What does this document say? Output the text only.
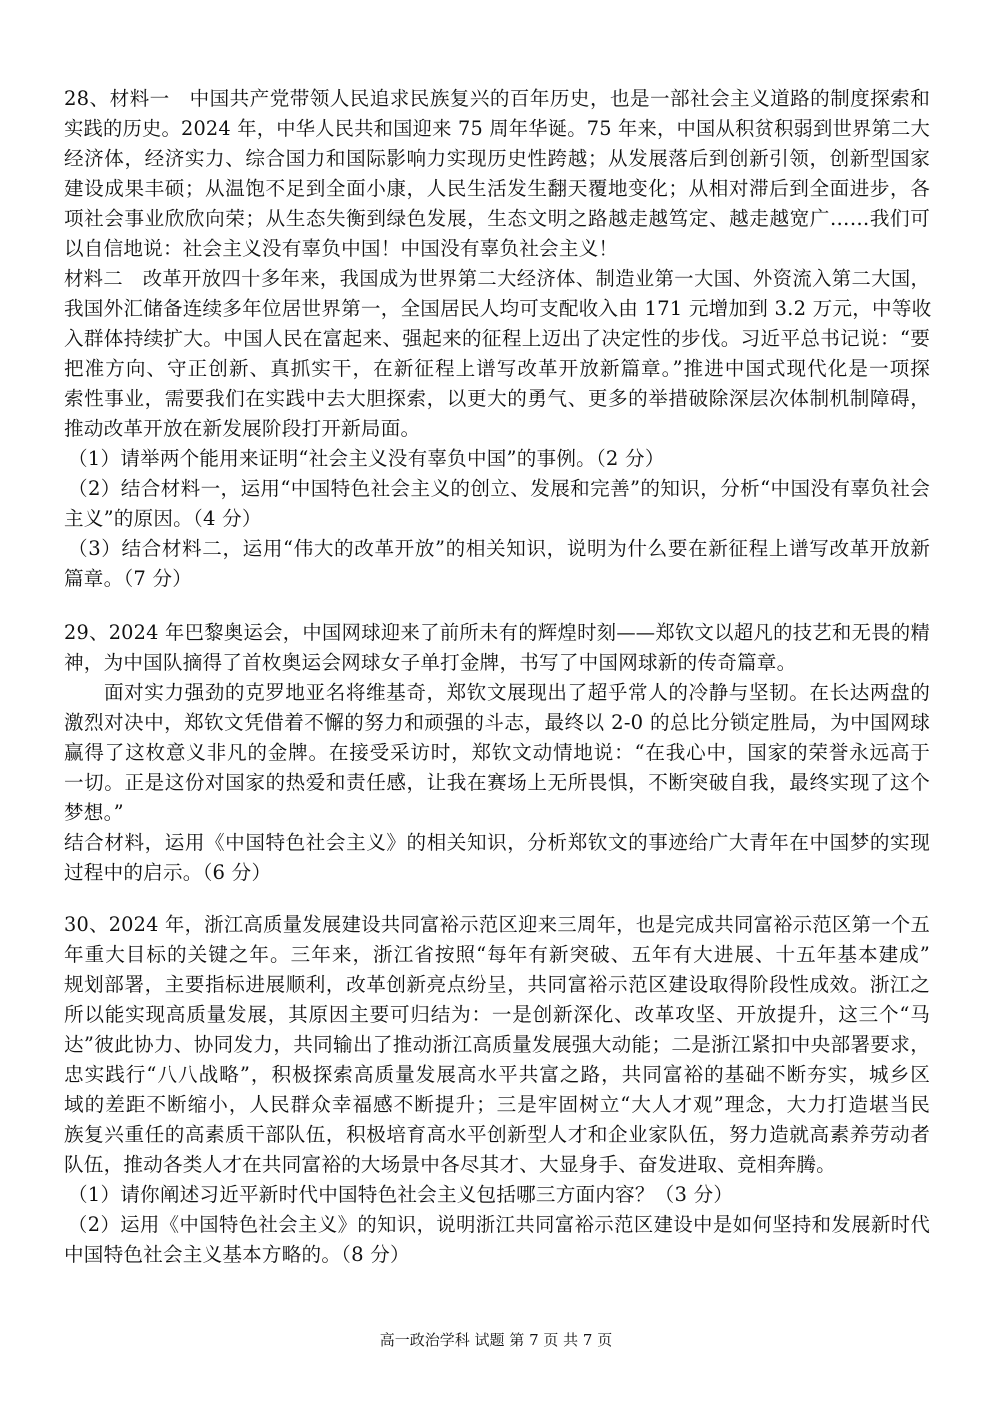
28、材料一　中国共产党带领人民追求民族复兴的百年历史，也是一部社会主义道路的制度探索和
实践的历史。2024 年，中华人民共和国迎来 75 周年华诞。75 年来，中国从积贫积弱到世界第二大
经济体，经济实力、综合国力和国际影响力实现历史性跨越；从发展落后到创新引领，创新型国家
建设成果丰硕；从温饱不足到全面小康，人民生活发生翻天覆地变化；从相对滞后到全面进步，各
项社会事业欣欣向荣；从生态失衡到绿色发展，生态文明之路越走越笃定、越走越宽广……我们可
以自信地说：社会主义没有辜负中国！中国没有辜负社会主义！
材料二　改革开放四十多年来，我国成为世界第二大经济体、制造业第一大国、外资流入第二大国，
我国外汇储备连续多年位居世界第一，全国居民人均可支配收入由 171 元增加到 3.2 万元，中等收
入群体持续扩大。中国人民在富起来、强起来的征程上迈出了决定性的步伐。习近平总书记说：“要
把准方向、守正创新、真抓实干，在新征程上谱写改革开放新篇章。”推进中国式现代化是一项探
索性事业，需要我们在实践中去大胆探索，以更大的勇气、更多的举措破除深层次体制机制障碍，
推动改革开放在新发展阶段打开新局面。
（1）请举两个能用来证明“社会主义没有辜负中国”的事例。（2 分）
（2）结合材料一，运用“中国特色社会主义的创立、发展和完善”的知识，分析“中国没有辜负社会
主义”的原因。（4 分）
（3）结合材料二，运用“伟大的改革开放”的相关知识，说明为什么要在新征程上谱写改革开放新
篇章。（7 分）
29、2024 年巴黎奥运会，中国网球迎来了前所未有的辉煌时刻——郑钦文以超凡的技艺和无畏的精
神，为中国队摘得了首枚奥运会网球女子单打金牌，书写了中国网球新的传奇篇章。
面对实力强劲的克罗地亚名将维基奇，郑钦文展现出了超乎常人的冷静与坚韧。在长达两盘的
激烈对决中，郑钦文凭借着不懈的努力和顽强的斗志，最终以 2-0 的总比分锁定胜局，为中国网球
赢得了这枚意义非凡的金牌。在接受采访时，郑钦文动情地说：“在我心中，国家的荣誉永远高于
一切。正是这份对国家的热爱和责任感，让我在赛场上无所畏惧，不断突破自我，最终实现了这个
梦想。”
结合材料，运用《中国特色社会主义》的相关知识，分析郑钦文的事迹给广大青年在中国梦的实现
过程中的启示。（6 分）
30、2024 年，浙江高质量发展建设共同富裕示范区迎来三周年，也是完成共同富裕示范区第一个五
年重大目标的关键之年。三年来，浙江省按照“每年有新突破、五年有大进展、十五年基本建成”
规划部署，主要指标进展顺利，改革创新亮点纷呈，共同富裕示范区建设取得阶段性成效。浙江之
所以能实现高质量发展，其原因主要可归结为：一是创新深化、改革攻坚、开放提升，这三个“马
达”彼此协力、协同发力，共同输出了推动浙江高质量发展强大动能；二是浙江紧扣中央部署要求，
忠实践行“八八战略”，积极探索高质量发展高水平共富之路，共同富裕的基础不断夯实，城乡区
域的差距不断缩小，人民群众幸福感不断提升；三是牢固树立“大人才观”理念，大力打造堪当民
族复兴重任的高素质干部队伍，积极培育高水平创新型人才和企业家队伍，努力造就高素养劳动者
队伍，推动各类人才在共同富裕的大场景中各尽其才、大显身手、奋发进取、竞相奔腾。
（1）请你阐述习近平新时代中国特色社会主义包括哪三方面内容？（3 分）
（2）运用《中国特色社会主义》的知识，说明浙江共同富裕示范区建设中是如何坚持和发展新时代
中国特色社会主义基本方略的。（8 分）
高一政治学科 试题 第 7 页 共 7 页
